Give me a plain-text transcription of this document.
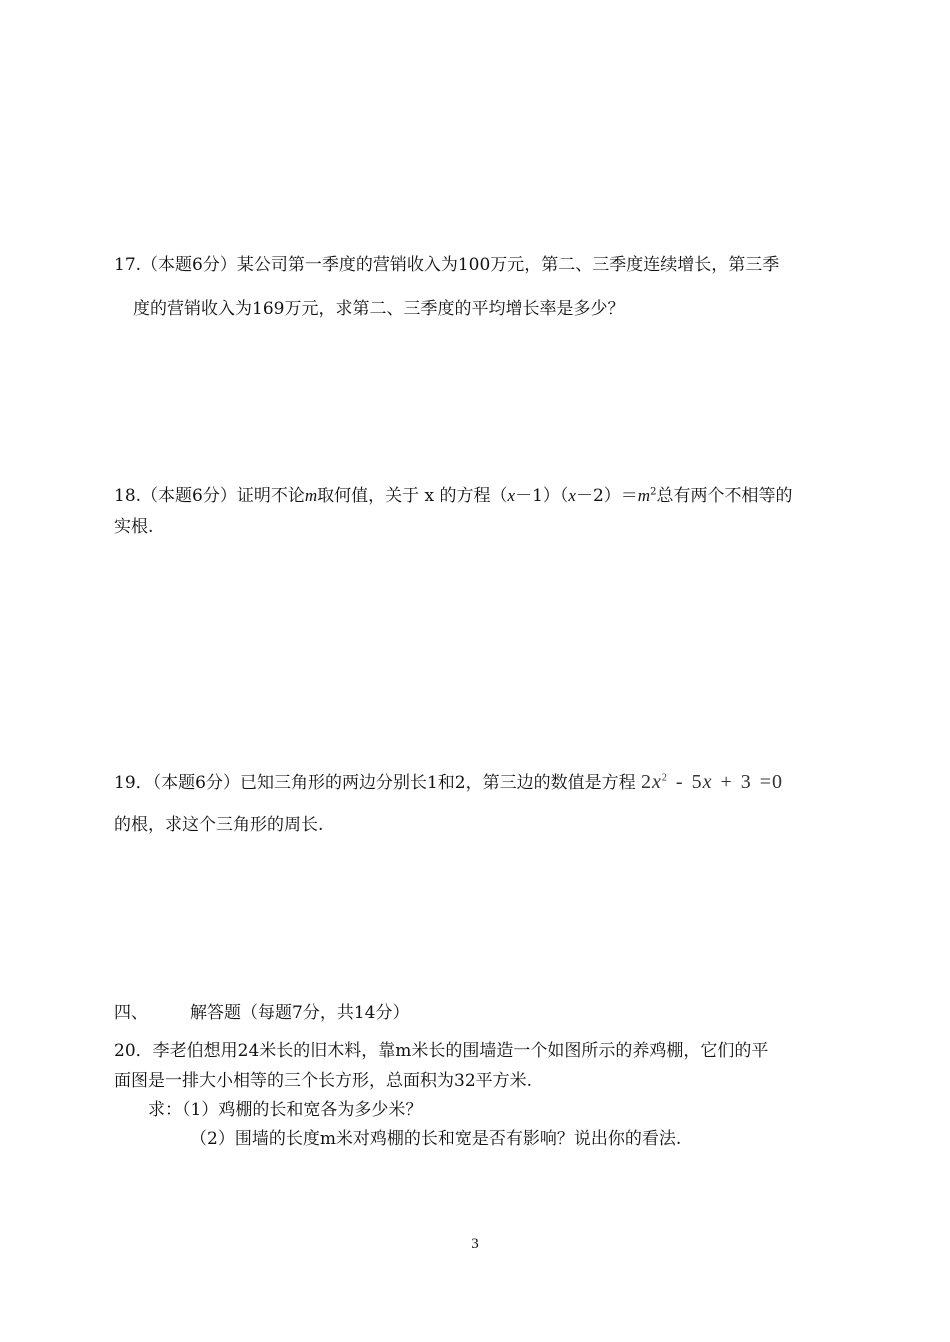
17.（本题6分）某公司第一季度的营销收入为100万元，第二、三季度连续增长，第三季
度的营销收入为169万元，求第二、三季度的平均增长率是多少？
18.（本题6分）证明不论m取何值，关于 x 的方程$(x-1)(x-2)=m^2$总有两个不相等的
实根.
19．（本题6分）已知三角形的两边分别长1和2，第三边的数值是方程 $2x^2 - 5x + 3 =0$
的根，求这个三角形的周长.
四、 解答题（每题7分，共14分）
20．李老伯想用24米长的旧木料，靠m米长的围墙造一个如图所示的养鸡棚，它们的平
面图是一排大小相等的三个长方形，总面积为32平方米.
求：（1）鸡棚的长和宽各为多少米？
（2）围墙的长度m米对鸡棚的长和宽是否有影响？说出你的看法.
3
